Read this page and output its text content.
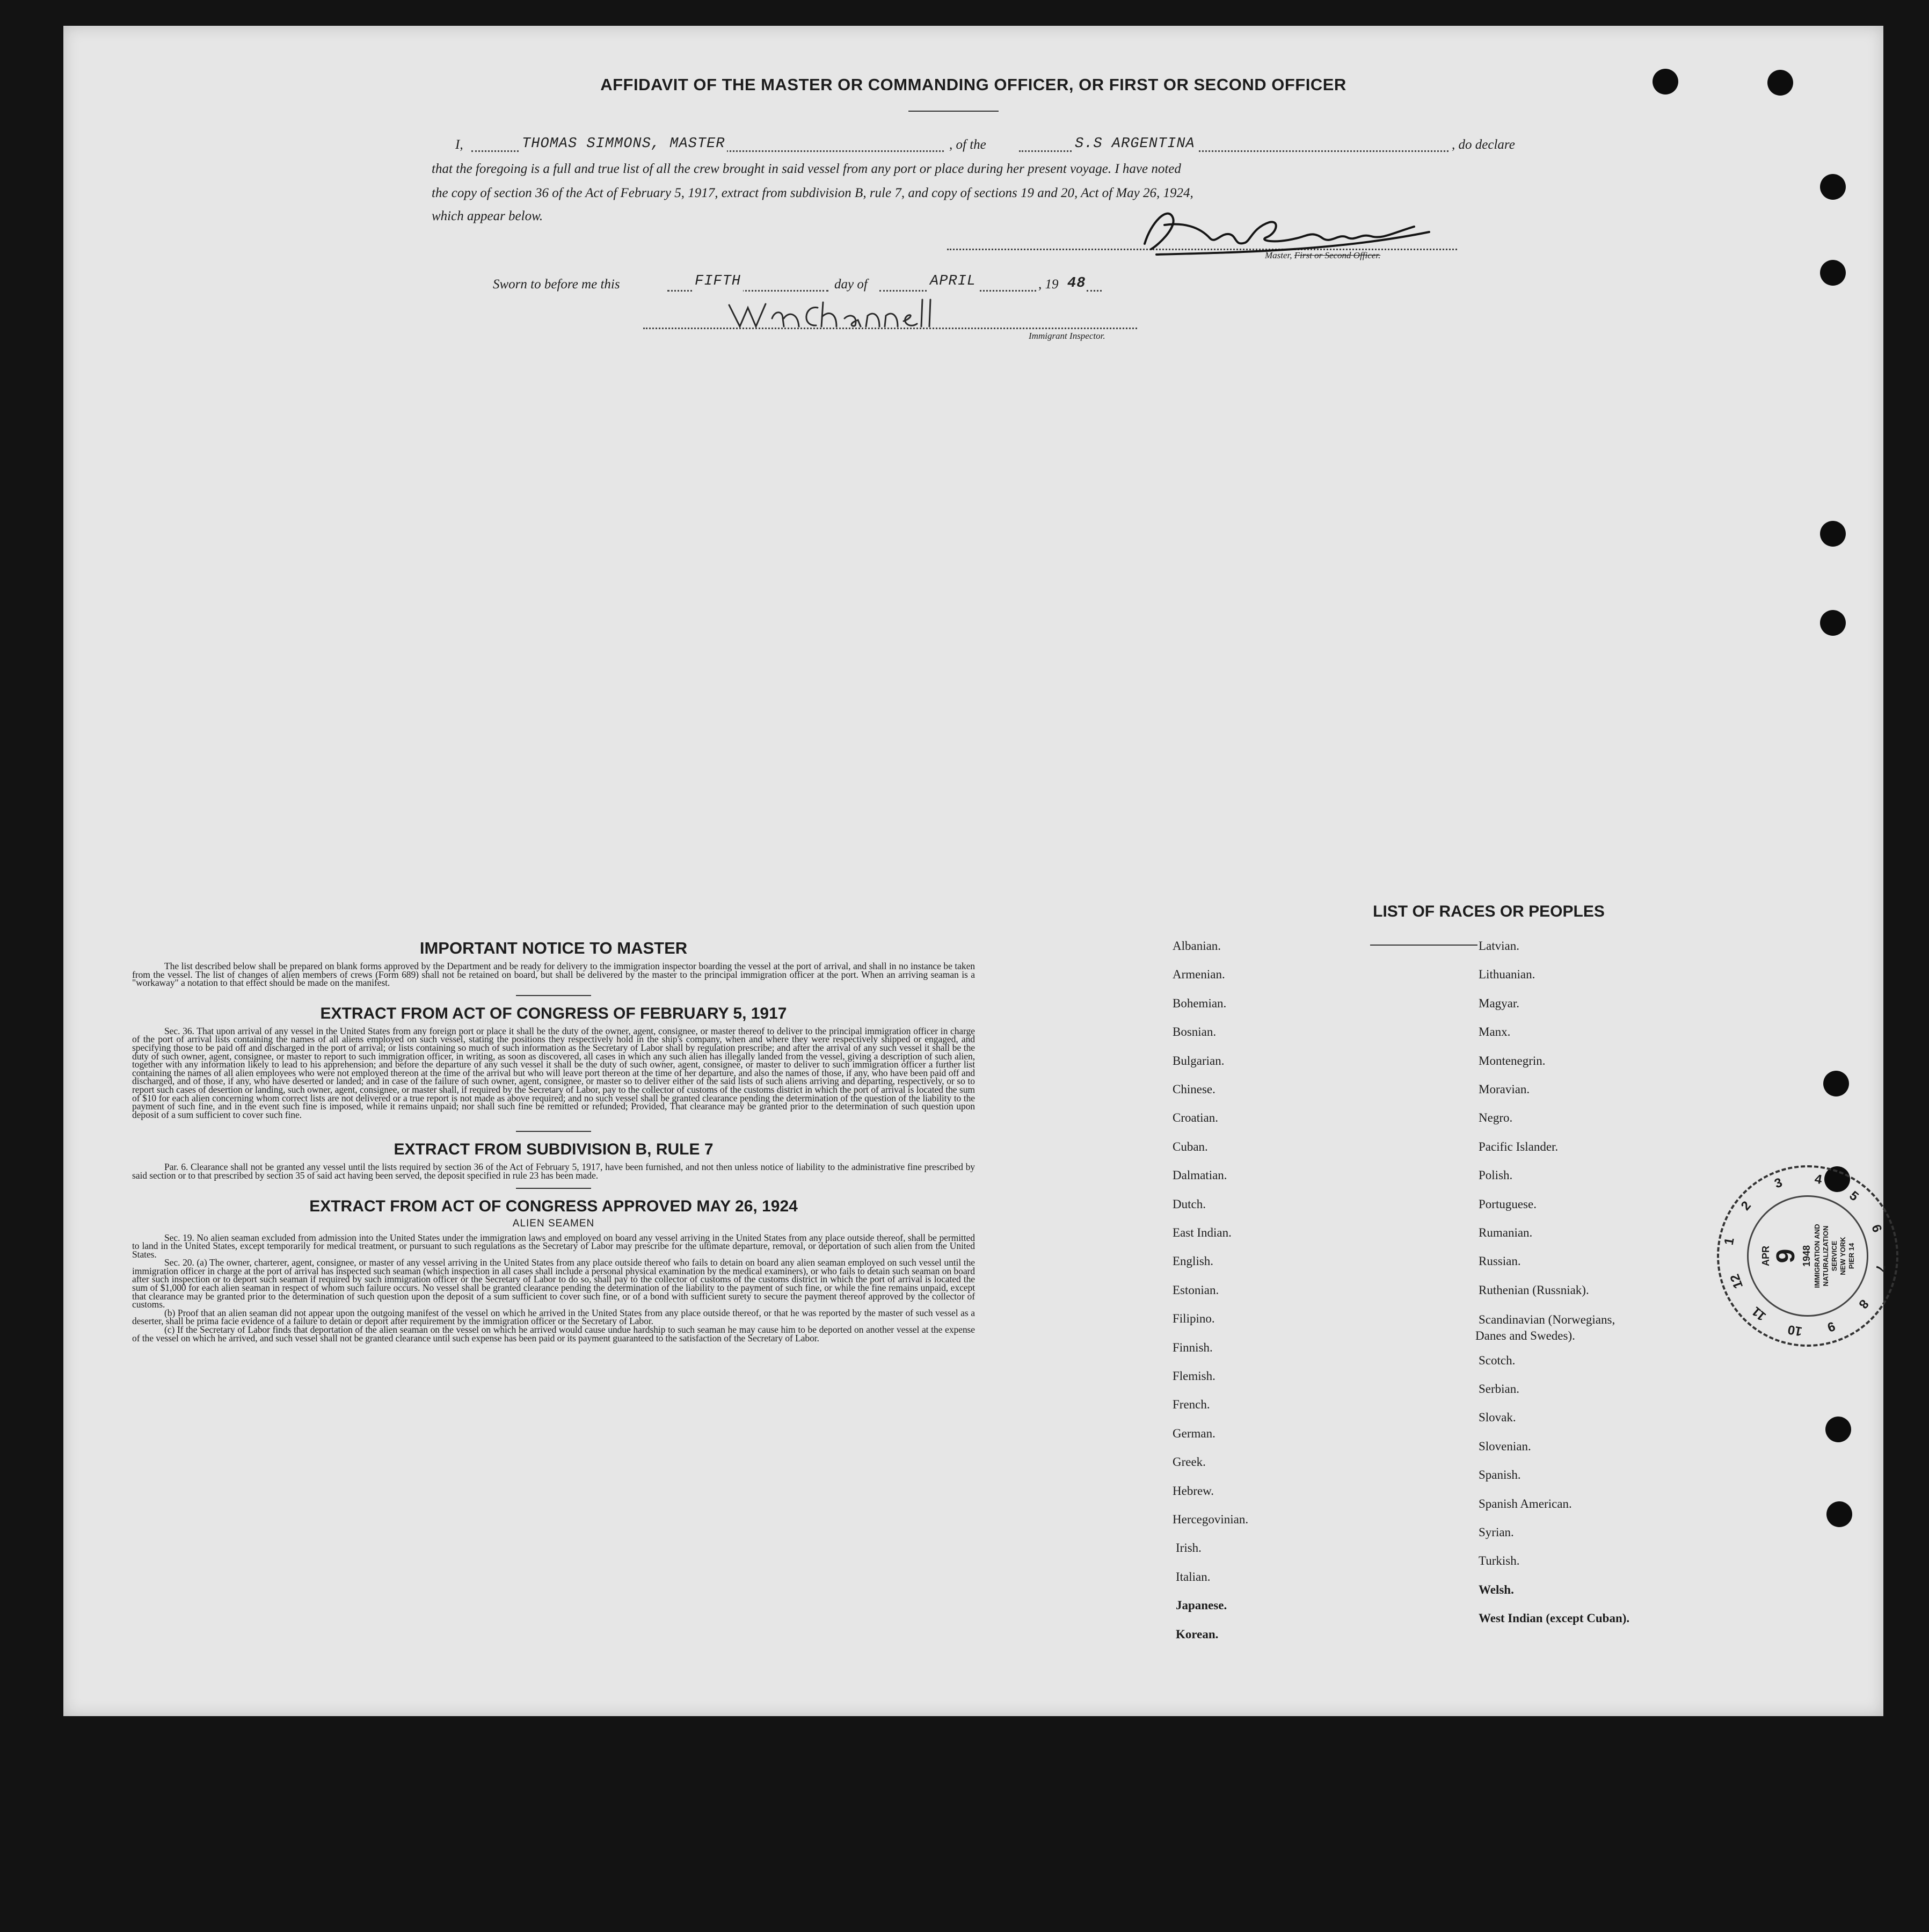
AFFIDAVIT OF THE MASTER OR COMMANDING OFFICER, OR FIRST OR SECOND OFFICER
I,	THOMAS SIMMONS, MASTER	, of the	S.S ARGENTINA	, do declare
that the foregoing is a full and true list of all the crew brought in said vessel from any port or place during her present voyage. I have noted
the copy of section 36 of the Act of February 5, 1917, extract from subdivision B, rule 7, and copy of sections 19 and 20, Act of May 26, 1924,
which appear below.
Master, First or Second Officer.
Sworn to before me this	FIFTH	day of	APRIL	, 19 48
Immigrant Inspector.
IMPORTANT NOTICE TO MASTER

The list described below shall be prepared on blank forms approved by the Department and be ready for delivery to the immigration inspector boarding the vessel at the port of arrival, and shall in no instance be taken from the vessel. The list of changes of alien members of crews (Form 689) shall not be retained on board, but shall be delivered by the master to the principal immigration officer at the port. When an arriving seaman is a "workaway" a notation to that effect should be made on the manifest.

EXTRACT FROM ACT OF CONGRESS OF FEBRUARY 5, 1917

Sec. 36. That upon arrival of any vessel in the United States from any foreign port or place it shall be the duty of the owner, agent, consignee, or master thereof to deliver to the principal immigration officer in charge of the port of arrival lists containing the names of all aliens employed on such vessel, stating the positions they respectively hold in the ship's company, when and where they were respectively shipped or engaged, and specifying those to be paid off and discharged in the port of arrival; or lists containing so much of such information as the Secretary of Labor shall by regulation prescribe; and after the arrival of any such vessel it shall be the duty of such owner, agent, consignee, or master to report to such immigration officer, in writing, as soon as discovered, all cases in which any such alien has illegally landed from the vessel, giving a description of such alien, together with any information likely to lead to his apprehension; and before the departure of any such vessel it shall be the duty of such owner, agent, consignee, or master to deliver to such immigration officer a further list containing the names of all alien employees who were not employed thereon at the time of the arrival but who will leave port thereon at the time of her departure, and also the names of those, if any, who have been paid off and discharged, and of those, if any, who have deserted or landed; and in case of the failure of such owner, agent, consignee, or master so to deliver either of the said lists of such aliens arriving and departing, respectively, or so to report such cases of desertion or landing, such owner, agent, consignee, or master shall, if required by the Secretary of Labor, pay to the collector of customs of the customs district in which the port of arrival is located the sum of $10 for each alien concerning whom correct lists are not delivered or a true report is not made as above required; and no such vessel shall be granted clearance pending the determination of the question of the liability to the payment of such fine, and in the event such fine is imposed, while it remains unpaid; nor shall such fine be remitted or refunded; Provided, That clearance may be granted prior to the determination of such question upon deposit of a sum sufficient to cover such fine.

EXTRACT FROM SUBDIVISION B, RULE 7

Par. 6. Clearance shall not be granted any vessel until the lists required by section 36 of the Act of February 5, 1917, have been furnished, and not then unless notice of liability to the administrative fine prescribed by said section or to that prescribed by section 35 of said act having been served, the deposit specified in rule 23 has been made.

EXTRACT FROM ACT OF CONGRESS APPROVED MAY 26, 1924
ALIEN SEAMEN

Sec. 19. No alien seaman excluded from admission into the United States under the immigration laws and employed on board any vessel arriving in the United States from any place outside thereof, shall be permitted to land in the United States, except temporarily for medical treatment, or pursuant to such regulations as the Secretary of Labor may prescribe for the ultimate departure, removal, or deportation of such alien from the United States.

Sec. 20. (a) The owner, charterer, agent, consignee, or master of any vessel arriving in the United States from any place outside thereof who fails to detain on board any alien seaman employed on such vessel until the immigration officer in charge at the port of arrival has inspected such seaman (which inspection in all cases shall include a personal physical examination by the medical examiners), or who fails to detain such seaman on board after such inspection or to deport such seaman if required by such immigration officer or the Secretary of Labor to do so, shall pay to the collector of customs of the customs district in which the port of arrival is located the sum of $1,000 for each alien seaman in respect of whom such failure occurs. No vessel shall be granted clearance pending the determination of the liability to the payment of such fine, or while the fine remains unpaid, except that clearance may be granted prior to the determination of such question upon the deposit of a sum sufficient to cover such fine, or of a bond with sufficient surety to secure the payment thereof approved by the collector of customs.

(b) Proof that an alien seaman did not appear upon the outgoing manifest of the vessel on which he arrived in the United States from any place outside thereof, or that he was reported by the master of such vessel as a deserter, shall be prima facie evidence of a failure to detain or deport after requirement by the immigration officer or the Secretary of Labor.

(c) If the Secretary of Labor finds that deportation of the alien seaman on the vessel on which he arrived would cause undue hardship to such seaman he may cause him to be deported on another vessel at the expense of the vessel on which he arrived, and such vessel shall not be granted clearance until such expense has been paid or its payment guaranteed to the satisfaction of the Secretary of Labor.

LIST OF RACES OR PEOPLES
Albanian.
Armenian.
Bohemian.
Bosnian.
Bulgarian.
Chinese.
Croatian.
Cuban.
Dalmatian.
Dutch.
East Indian.
English.
Estonian.
Filipino.
Finnish.
Flemish.
French.
German.
Greek.
Hebrew.
Hercegovinian.
Irish.
Italian.
Japanese.
Korean.
Latvian.
Lithuanian.
Magyar.
Manx.
Montenegrin.
Moravian.
Negro.
Pacific Islander.
Polish.
Portuguese.
Rumanian.
Russian.
Ruthenian (Russniak).
Scandinavian (Norwegians,
Danes and Swedes).
Scotch.
Serbian.
Slovak.
Slovenian.
Spanish.
Spanish American.
Syrian.
Turkish.
Welsh.
West Indian (except Cuban).
APR 9 1948 IMMIGRATION AND NATURALIZATION SERVICE NEW YORK PIER 14
1
2
3 4
5
6
7
8
9
10
11
12
